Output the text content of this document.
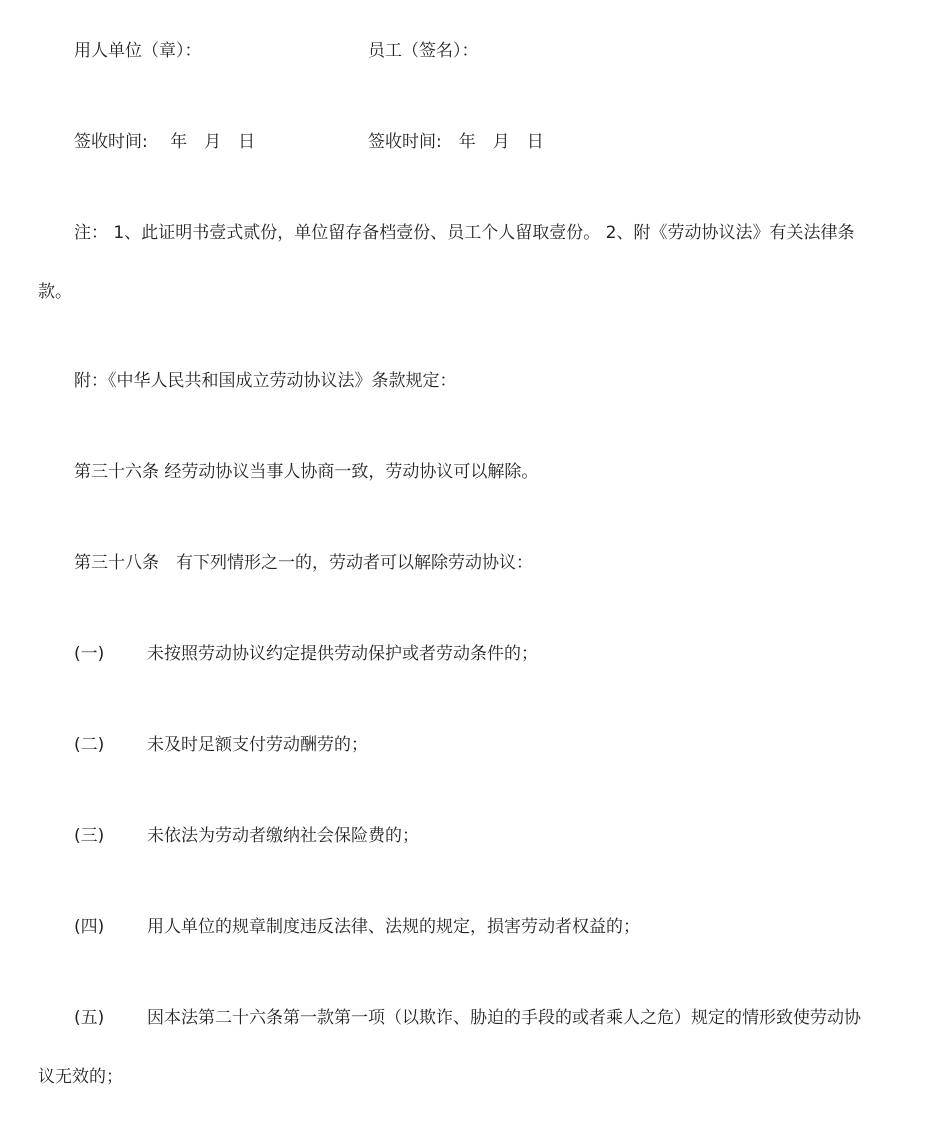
用人单位（章）：	员工（签名）：
签收时间:　 年　月　日	签收时间:　年　月　日
注： 1、此证明书壹式贰份，单位留存备档壹份、员工个人留取壹份。 2、附《劳动协议法》有关法律条
款。
附：《中华人民共和国成立劳动协议法》条款规定：
第三十六条 经劳动协议当事人协商一致，劳动协议可以解除。
第三十八条　有下列情形之一的，劳动者可以解除劳动协议：
(一)	未按照劳动协议约定提供劳动保护或者劳动条件的；
(二)	未及时足额支付劳动酬劳的；
(三)	未依法为劳动者缴纳社会保险费的；
(四)	用人单位的规章制度违反法律、法规的规定，损害劳动者权益的；
(五)	因本法第二十六条第一款第一项（以欺诈、胁迫的手段的或者乘人之危）规定的情形致使劳动协
议无效的；
